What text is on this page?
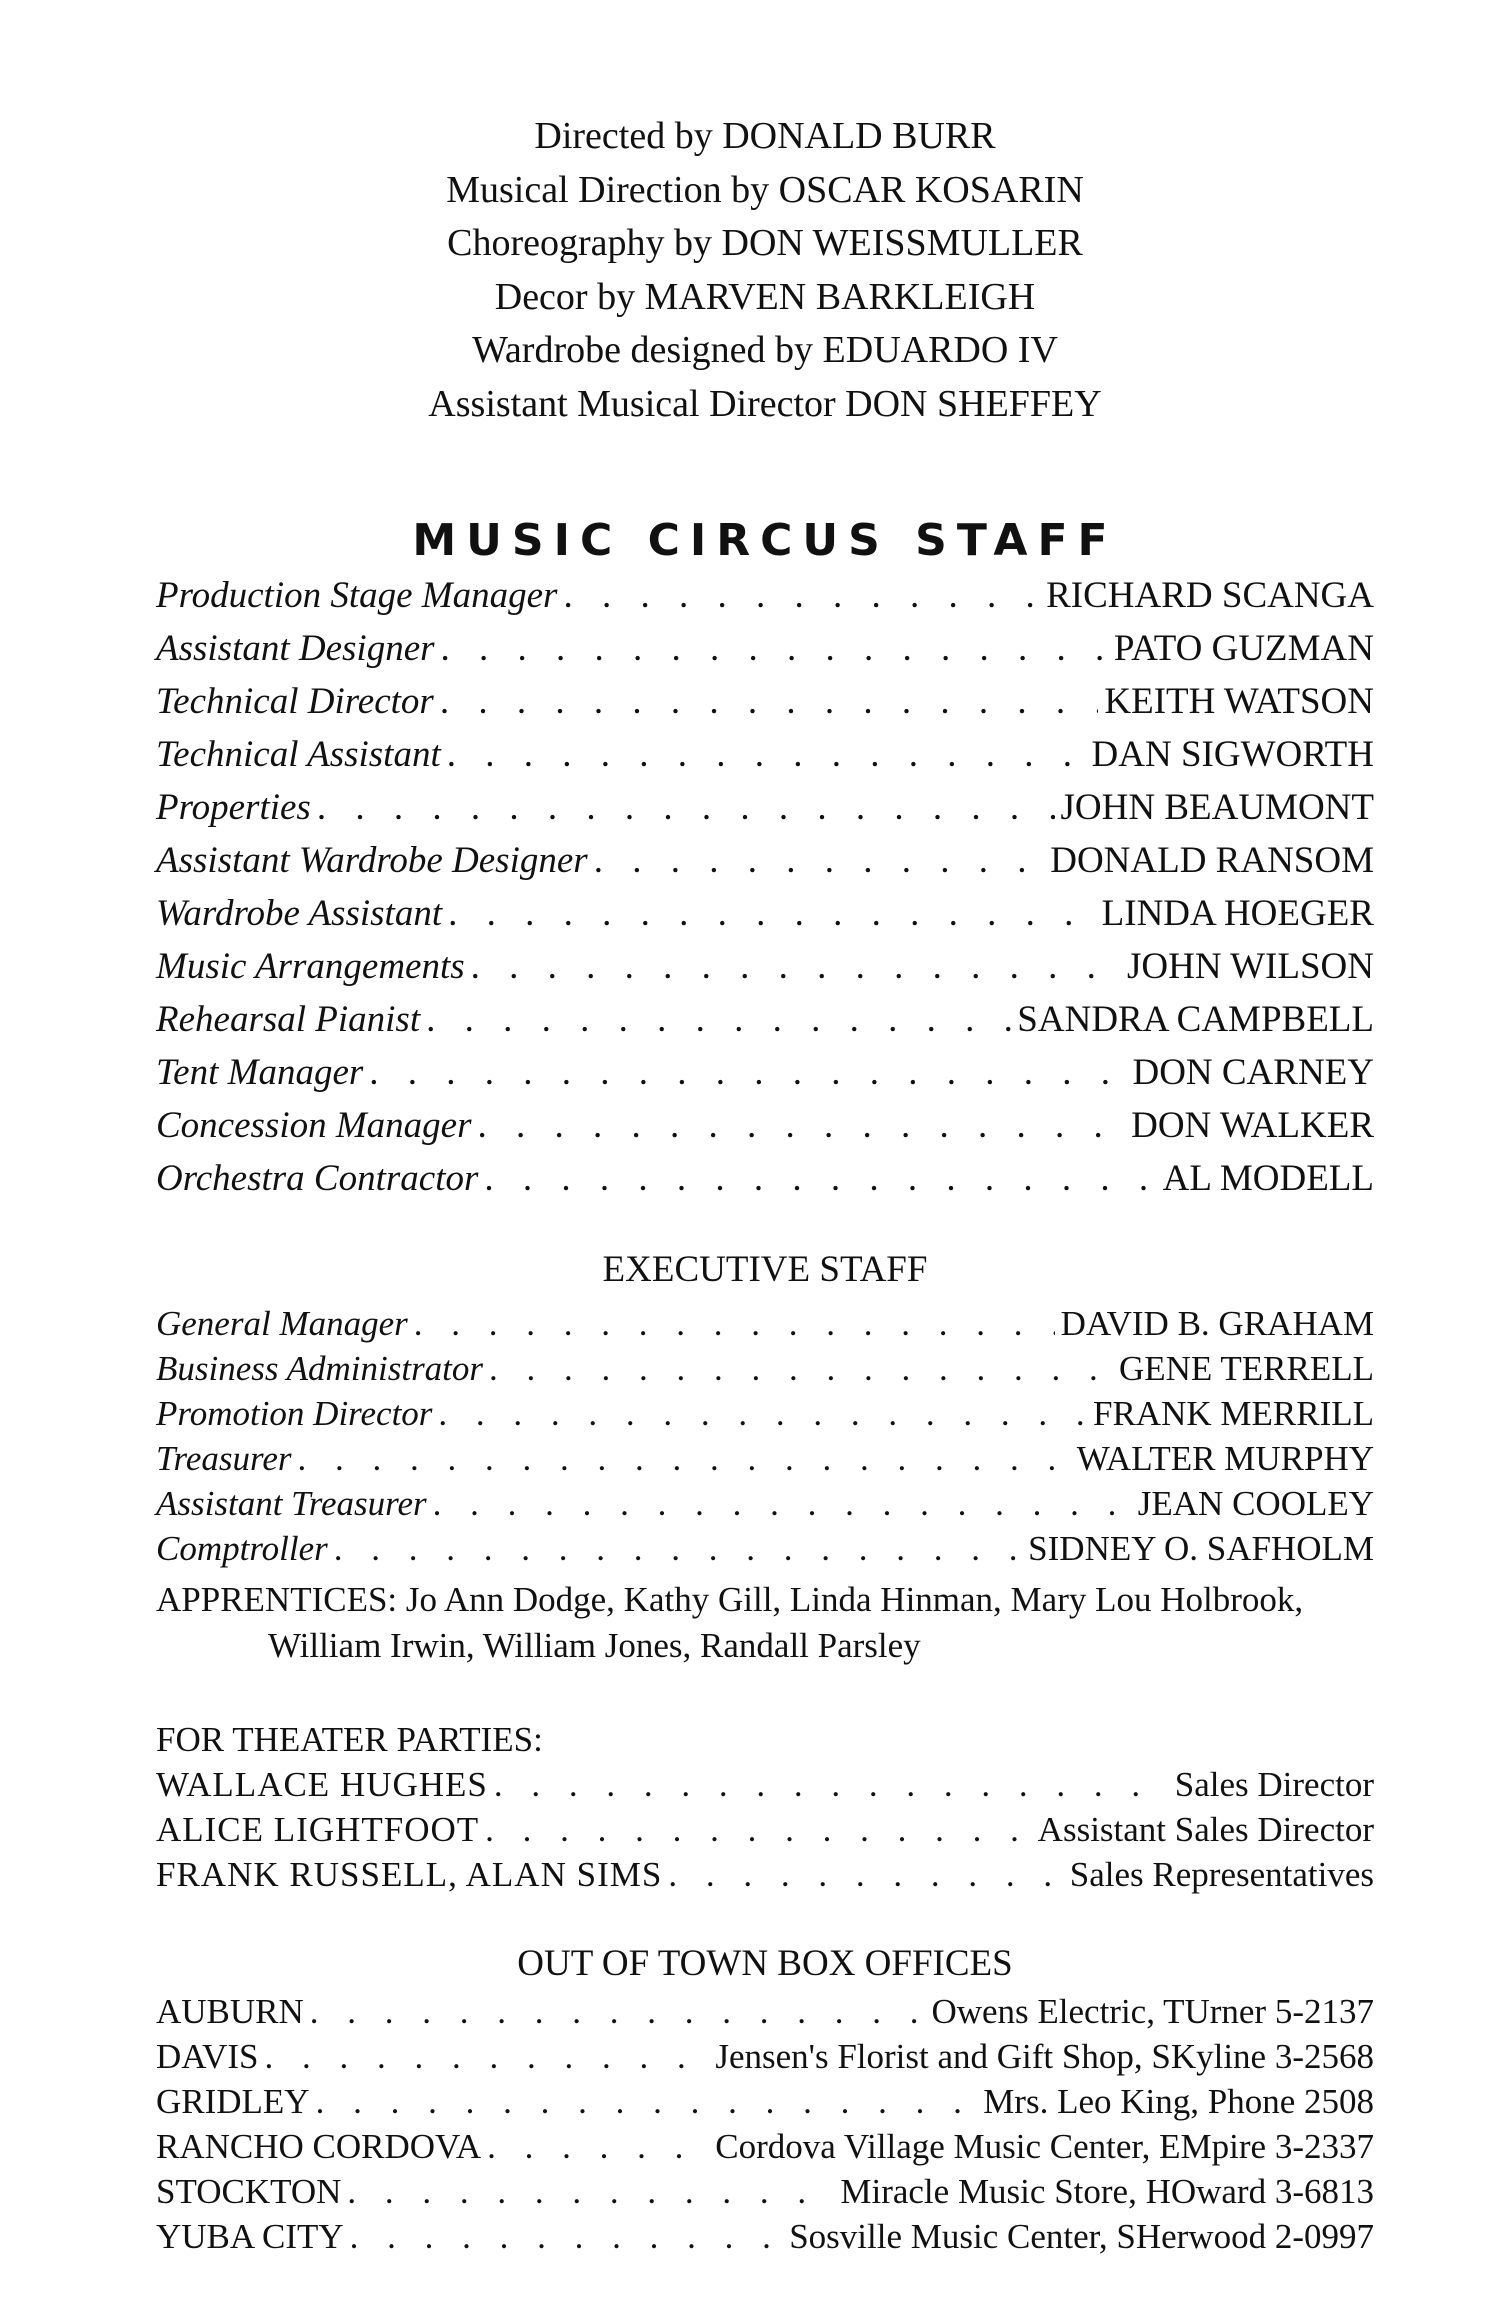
Directed by DONALD BURR
Musical Direction by OSCAR KOSARIN
Choreography by DON WEISSMULLER
Decor by MARVEN BARKLEIGH
Wardrobe designed by EDUARDO IV
Assistant Musical Director DON SHEFFEY
MUSIC CIRCUS STAFF
Production Stage Manager . . .	RICHARD SCANGA
Assistant Designer . . .	PATO GUZMAN
Technical Director . . .	KEITH WATSON
Technical Assistant . . .	DAN SIGWORTH
Properties . . .	JOHN BEAUMONT
Assistant Wardrobe Designer . . .	DONALD RANSOM
Wardrobe Assistant . . .	LINDA HOEGER
Music Arrangements . . .	JOHN WILSON
Rehearsal Pianist . . .	SANDRA CAMPBELL
Tent Manager . . .	DON CARNEY
Concession Manager . . .	DON WALKER
Orchestra Contractor . . .	AL MODELL
EXECUTIVE STAFF
General Manager . . .	DAVID B. GRAHAM
Business Administrator . . .	GENE TERRELL
Promotion Director . . .	FRANK MERRILL
Treasurer . . .	WALTER MURPHY
Assistant Treasurer . . .	JEAN COOLEY
Comptroller . . .	SIDNEY O. SAFHOLM
APPRENTICES: Jo Ann Dodge, Kathy Gill, Linda Hinman, Mary Lou Holbrook,
William Irwin, William Jones, Randall Parsley
FOR THEATER PARTIES:
WALLACE HUGHES . . .	Sales Director
ALICE LIGHTFOOT . . .	Assistant Sales Director
FRANK RUSSELL, ALAN SIMS . . .	Sales Representatives
OUT OF TOWN BOX OFFICES
AUBURN . . .	Owens Electric, TUrner 5-2137
DAVIS . . .	Jensen's Florist and Gift Shop, SKyline 3-2568
GRIDLEY . . .	Mrs. Leo King, Phone 2508
RANCHO CORDOVA . . .	Cordova Village Music Center, EMpire 3-2337
STOCKTON . . .	Miracle Music Store, HOward 3-6813
YUBA CITY . . .	Sosville Music Center, SHerwood 2-0997
